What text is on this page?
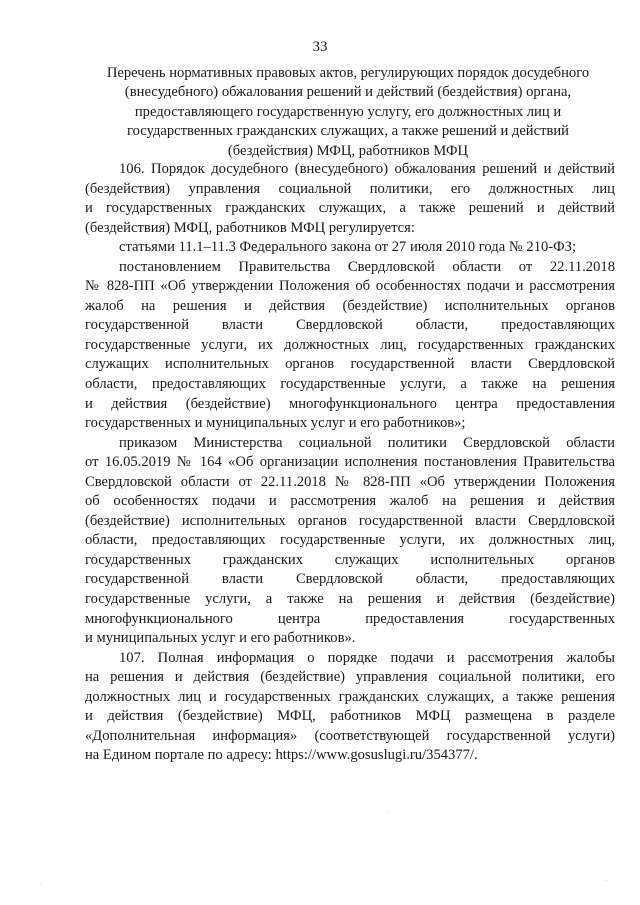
33
Перечень нормативных правовых актов, регулирующих порядок досудебного
(внесудебного) обжалования решений и действий (бездействия) органа,
предоставляющего государственную услугу, его должностных лиц и
государственных гражданских служащих, а также решений и действий
(бездействия) МФЦ, работников МФЦ
106. Порядок досудебного (внесудебного) обжалования решений и действий
(бездействия) управления социальной политики, его должностных лиц
и государственных гражданских служащих, а также решений и действий
(бездействия) МФЦ, работников МФЦ регулируется:
статьями 11.1–11.3 Федерального закона от 27 июля 2010 года № 210-ФЗ;
постановлением Правительства Свердловской области от 22.11.2018
№ 828-ПП «Об утверждении Положения об особенностях подачи и рассмотрения
жалоб на решения и действия (бездействие) исполнительных органов
государственной власти Свердловской области, предоставляющих
государственные услуги, их должностных лиц, государственных гражданских
служащих исполнительных органов государственной власти Свердловской
области, предоставляющих государственные услуги, а также на решения
и действия (бездействие) многофункционального центра предоставления
государственных и муниципальных услуг и его работников»;
приказом Министерства социальной политики Свердловской области
от 16.05.2019 № 164 «Об организации исполнения постановления Правительства
Свердловской области от 22.11.2018 № 828-ПП «Об утверждении Положения
об особенностях подачи и рассмотрения жалоб на решения и действия
(бездействие) исполнительных органов государственной власти Свердловской
области, предоставляющих государственные услуги, их должностных лиц,
государственных гражданских служащих исполнительных органов
государственной власти Свердловской области, предоставляющих
государственные услуги, а также на решения и действия (бездействие)
многофункционального центра предоставления государственных
и муниципальных услуг и его работников».
107. Полная информация о порядке подачи и рассмотрения жалобы
на решения и действия (бездействие) управления социальной политики, его
должностных лиц и государственных гражданских служащих, а также решения
и действия (бездействие) МФЦ, работников МФЦ размещена в разделе
«Дополнительная информация» (соответствующей государственной услуги)
на Едином портале по адресу: https://www.gosuslugi.ru/354377/.
